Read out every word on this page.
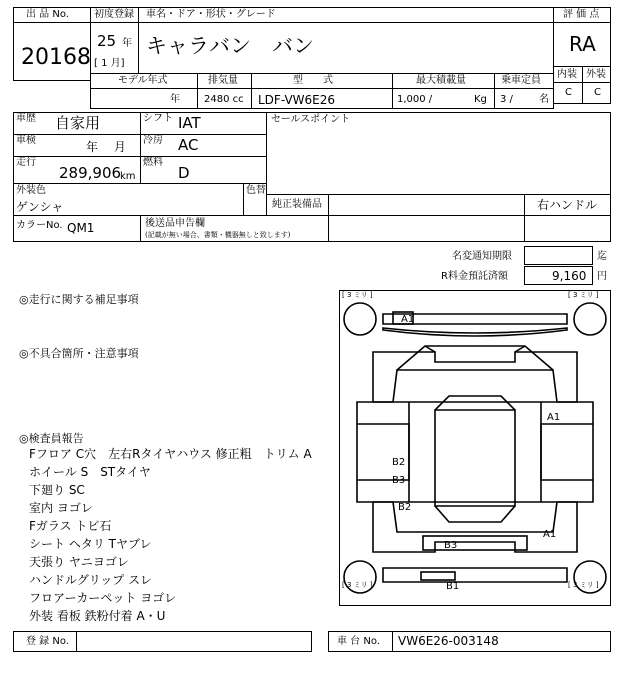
出 品 No.
20168
初度登録
25 年
[ 1 月]
車名・ドア・形状・グレード
キャラバン　バン
評 価 点
RA
内装 外装
C C
モデル年式
年
排気量
2480 cc
型　　式
LDF-VW6E26
最大積載量
1,000 /	Kg
乗車定員
3 /	名
車歴 自家用	シフト IAT
車検	年　 月 冷房 AC
走行
289,906
km
燃料
D
セールスポイント
外装色
ゲンシャ
色替
純正装備品	右ハンドル
カラーNo. QM1	後送品申告欄
(記載が無い場合、書類・機器無しと致します)
名変通知期限	迄
R料金預託済額	9,160 円
◎走行に関する補足事項
◎不具合箇所・注意事項
◎検査員報告
Fフロア C穴　左右Rタイヤハウス 修正粗　トリム A
ホイール S　STタイヤ
下廻り SC
室内 ヨゴレ
Fガラス トビ石
シート ヘタリ Tヤブレ
天張り ヤニヨゴレ
ハンドルグリップ スレ
フロアーカーペット ヨゴレ
外装 看板 鉄粉付着 A・U
[ 3 ミリ ]	[ 3 ミリ ]
[ 3 ミリ ]	[ 3 ミリ ]
A1
A1
B2
B3
B2
B3
A1
B1
登 録 No.	車 台 No. VW6E26-003148
